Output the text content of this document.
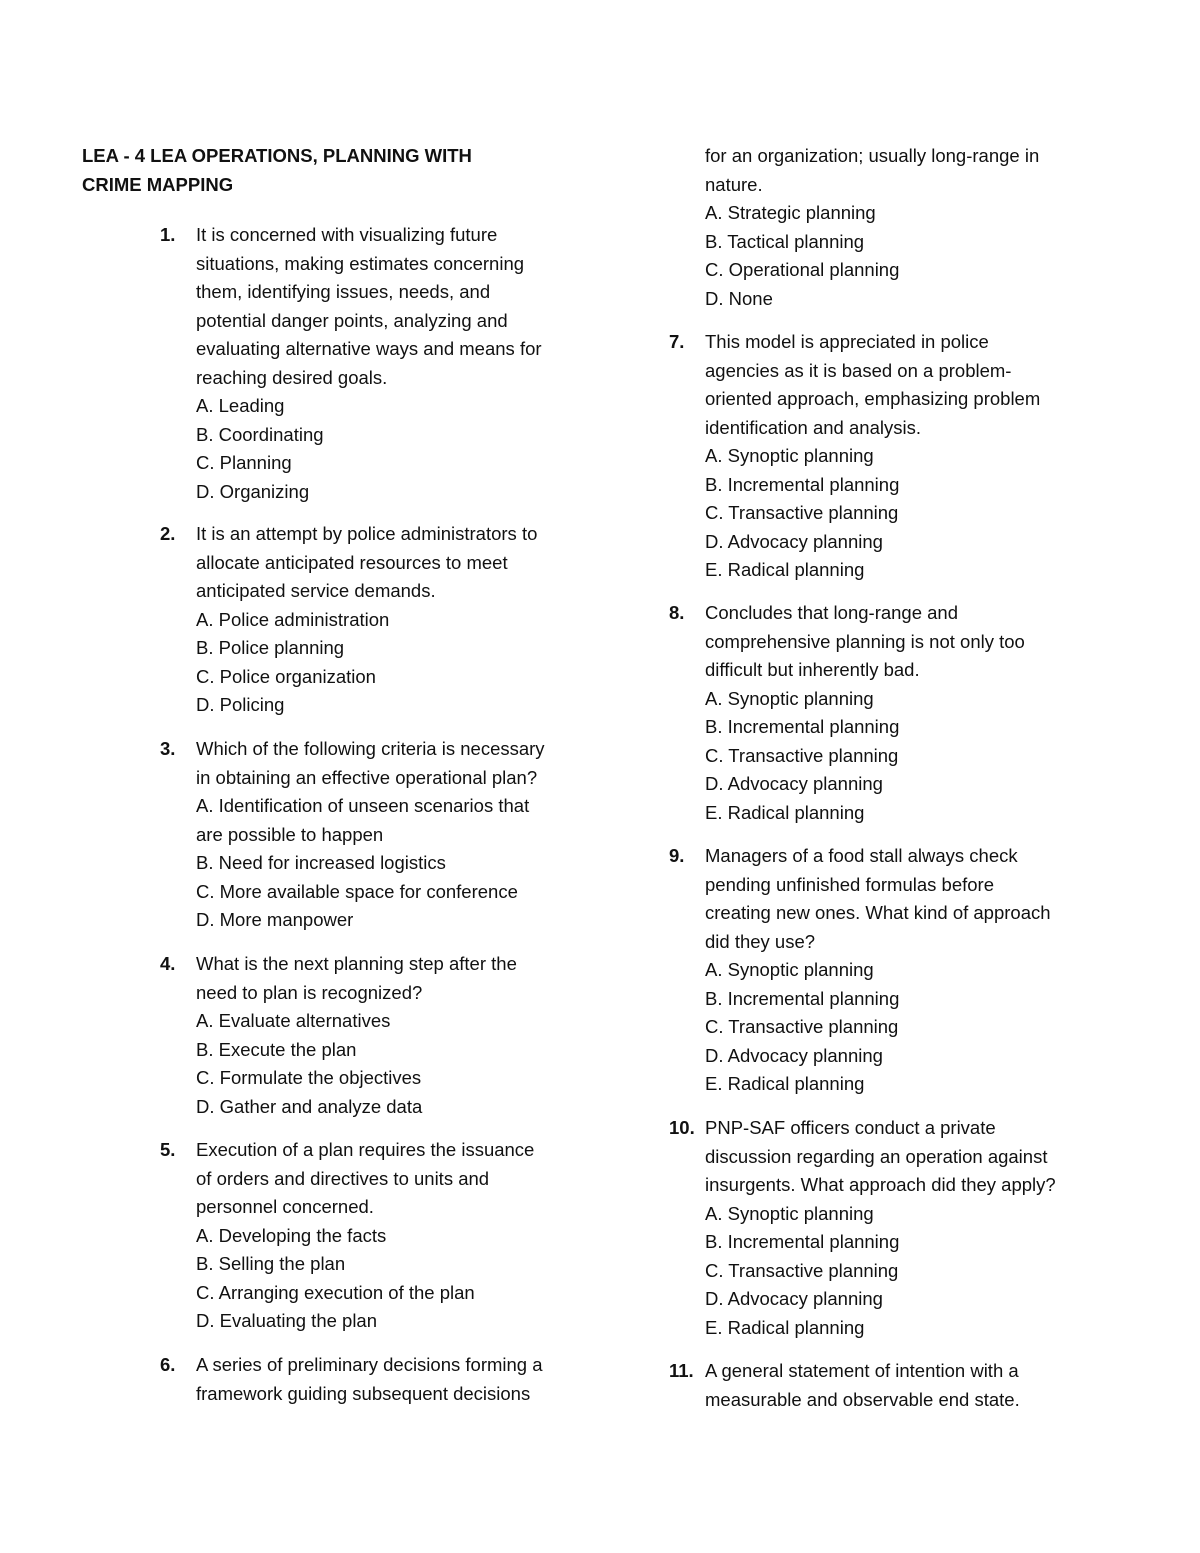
LEA - 4 LEA OPERATIONS, PLANNING WITH
CRIME MAPPING
1. It is concerned with visualizing future
situations, making estimates concerning
them, identifying issues, needs, and
potential danger points, analyzing and
evaluating alternative ways and means for
reaching desired goals.
A. Leading
B. Coordinating
C. Planning
D. Organizing
2. It is an attempt by police administrators to
allocate anticipated resources to meet
anticipated service demands.
A. Police administration
B. Police planning
C. Police organization
D. Policing
3. Which of the following criteria is necessary
in obtaining an effective operational plan?
A. Identification of unseen scenarios that
are possible to happen
B. Need for increased logistics
C. More available space for conference
D. More manpower
4. What is the next planning step after the
need to plan is recognized?
A. Evaluate alternatives
B. Execute the plan
C. Formulate the objectives
D. Gather and analyze data
5. Execution of a plan requires the issuance
of orders and directives to units and
personnel concerned.
A. Developing the facts
B. Selling the plan
C. Arranging execution of the plan
D. Evaluating the plan
6. A series of preliminary decisions forming a
framework guiding subsequent decisions
for an organization; usually long-range in
nature.
A. Strategic planning
B. Tactical planning
C. Operational planning
D. None
7. This model is appreciated in police
agencies as it is based on a problem-
oriented approach, emphasizing problem
identification and analysis.
A. Synoptic planning
B. Incremental planning
C. Transactive planning
D. Advocacy planning
E. Radical planning
8. Concludes that long-range and
comprehensive planning is not only too
difficult but inherently bad.
A. Synoptic planning
B. Incremental planning
C. Transactive planning
D. Advocacy planning
E. Radical planning
9. Managers of a food stall always check
pending unfinished formulas before
creating new ones. What kind of approach
did they use?
A. Synoptic planning
B. Incremental planning
C. Transactive planning
D. Advocacy planning
E. Radical planning
10. PNP-SAF officers conduct a private
discussion regarding an operation against
insurgents. What approach did they apply?
A. Synoptic planning
B. Incremental planning
C. Transactive planning
D. Advocacy planning
E. Radical planning
11. A general statement of intention with a
measurable and observable end state.
